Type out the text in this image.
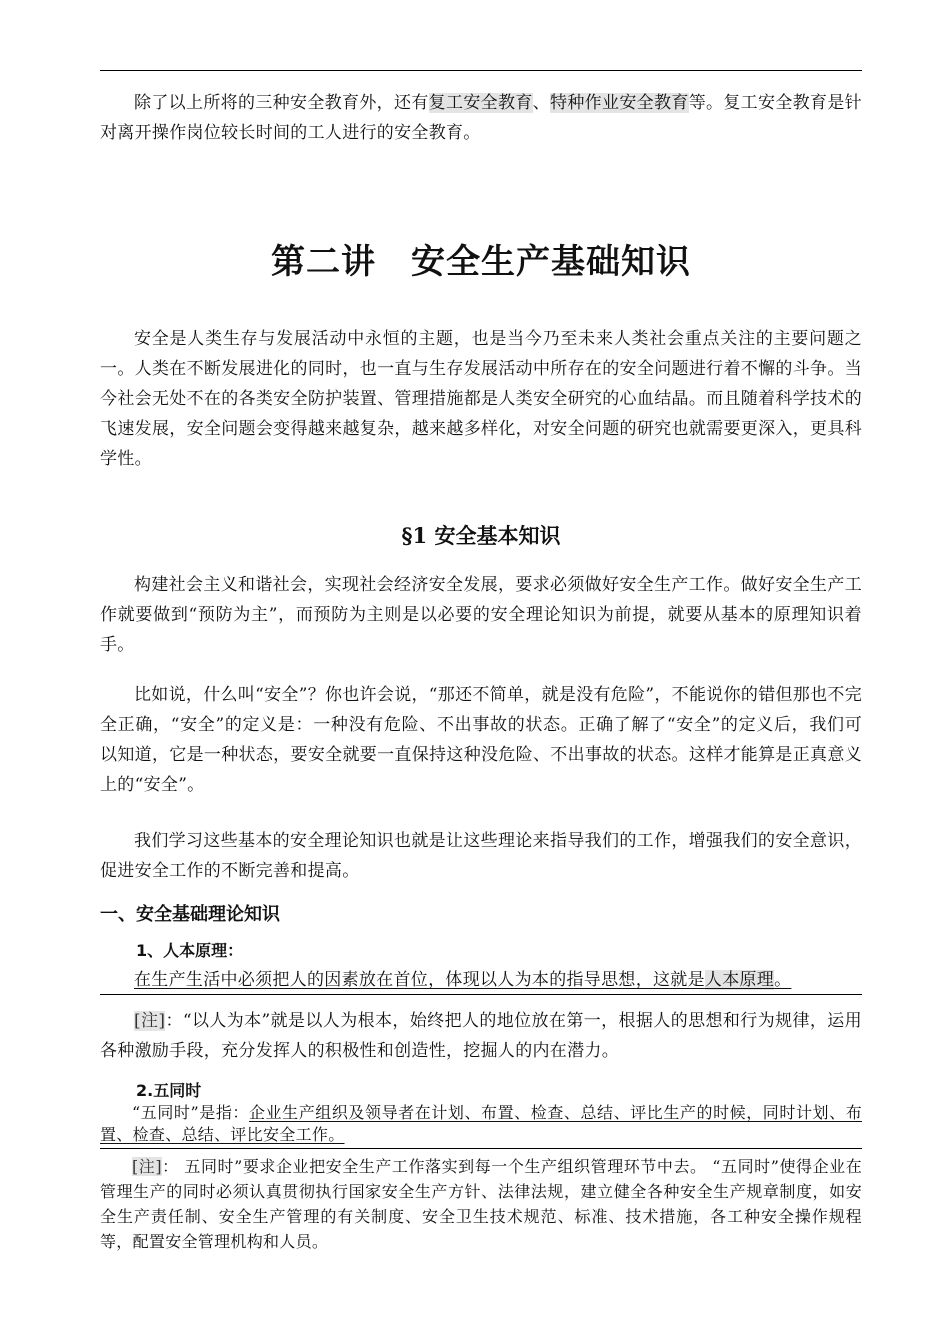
除了以上所将的三种安全教育外，还有复工安全教育、特种作业安全教育等。复工安全教育是针对离开操作岗位较长时间的工人进行的安全教育。

第二讲　安全生产基础知识

安全是人类生存与发展活动中永恒的主题，也是当今乃至未来人类社会重点关注的主要问题之一。人类在不断发展进化的同时，也一直与生存发展活动中所存在的安全问题进行着不懈的斗争。当今社会无处不在的各类安全防护装置、管理措施都是人类安全研究的心血结晶。而且随着科学技术的飞速发展，安全问题会变得越来越复杂，越来越多样化，对安全问题的研究也就需要更深入，更具科学性。

§1 安全基本知识

构建社会主义和谐社会，实现社会经济安全发展，要求必须做好安全生产工作。做好安全生产工作就要做到“预防为主”，而预防为主则是以必要的安全理论知识为前提，就要从基本的原理知识着手。

比如说，什么叫“安全”？你也许会说，“那还不简单，就是没有危险”，不能说你的错但那也不完全正确，“安全”的定义是：一种没有危险、不出事故的状态。正确了解了“安全”的定义后，我们可以知道，它是一种状态，要安全就要一直保持这种没危险、不出事故的状态。这样才能算是正真意义上的“安全”。

我们学习这些基本的安全理论知识也就是让这些理论来指导我们的工作，增强我们的安全意识，促进安全工作的不断完善和提高。

一、安全基础理论知识
1、人本原理：

在生产生活中必须把人的因素放在首位，体现以人为本的指导思想，这就是人本原理。

[注]：“以人为本”就是以人为根本，始终把人的地位放在第一，根据人的思想和行为规律，运用各种激励手段，充分发挥人的积极性和创造性，挖掘人的内在潜力。

2.五同时

“五同时”是指：企业生产组织及领导者在计划、布置、检查、总结、评比生产的时候，同时计划、布置、检查、总结、评比安全工作。

[注]： 五同时”要求企业把安全生产工作落实到每一个生产组织管理环节中去。 “五同时”使得企业在管理生产的同时必须认真贯彻执行国家安全生产方针、法律法规，建立健全各种安全生产规章制度，如安全生产责任制、安全生产管理的有关制度、安全卫生技术规范、标准、技术措施，各工种安全操作规程等，配置安全管理机构和人员。
